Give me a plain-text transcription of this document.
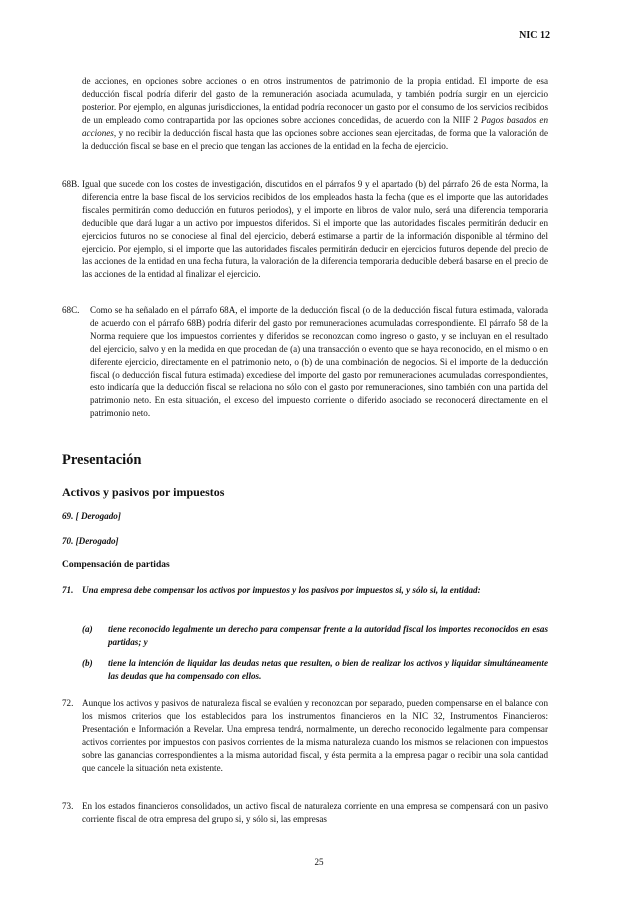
NIC 12

de acciones, en opciones sobre acciones o en otros instrumentos de patrimonio de la propia entidad. El importe de esa deducción fiscal podría diferir del gasto de la remuneración asociada acumulada, y también podría surgir en un ejercicio posterior. Por ejemplo, en algunas jurisdicciones, la entidad podría reconocer un gasto por el consumo de los servicios recibidos de un empleado como contrapartida por las opciones sobre acciones concedidas, de acuerdo con la NIIF 2 Pagos basados en acciones, y no recibir la deducción fiscal hasta que las opciones sobre acciones sean ejercitadas, de forma que la valoración de la deducción fiscal se base en el precio que tengan las acciones de la entidad en la fecha de ejercicio.

68B. Igual que sucede con los costes de investigación, discutidos en el párrafos 9 y el apartado (b) del párrafo 26 de esta Norma, la diferencia entre la base fiscal de los servicios recibidos de los empleados hasta la fecha (que es el importe que las autoridades fiscales permitirán como deducción en futuros periodos), y el importe en libros de valor nulo, será una diferencia temporaria deducible que dará lugar a un activo por impuestos diferidos. Si el importe que las autoridades fiscales permitirán deducir en ejercicios futuros no se conociese al final del ejercicio, deberá estimarse a partir de la información disponible al término del ejercicio. Por ejemplo, si el importe que las autoridades fiscales permitirán deducir en ejercicios futuros depende del precio de las acciones de la entidad en una fecha futura, la valoración de la diferencia temporaria deducible deberá basarse en el precio de las acciones de la entidad al finalizar el ejercicio.

68C. Como se ha señalado en el párrafo 68A, el importe de la deducción fiscal (o de la deducción fiscal futura estimada, valorada de acuerdo con el párrafo 68B) podría diferir del gasto por remuneraciones acumuladas correspondiente. El párrafo 58 de la Norma requiere que los impuestos corrientes y diferidos se reconozcan como ingreso o gasto, y se incluyan en el resultado del ejercicio, salvo y en la medida en que procedan de (a) una transacción o evento que se haya reconocido, en el mismo o en diferente ejercicio, directamente en el patrimonio neto, o (b) de una combinación de negocios. Si el importe de la deducción fiscal (o deducción fiscal futura estimada) excediese del importe del gasto por remuneraciones acumuladas correspondientes, esto indicaría que la deducción fiscal se relaciona no sólo con el gasto por remuneraciones, sino también con una partida del patrimonio neto. En esta situación, el exceso del impuesto corriente o diferido asociado se reconocerá directamente en el patrimonio neto.

Presentación
Activos y pasivos por impuestos
69. [ Derogado]
70. [Derogado]
Compensación de partidas
71. Una empresa debe compensar los activos por impuestos y los pasivos por impuestos si, y sólo si, la entidad:

(a) tiene reconocido legalmente un derecho para compensar frente a la autoridad fiscal los importes reconocidos en esas partidas; y

(b) tiene la intención de liquidar las deudas netas que resulten, o bien de realizar los activos y liquidar simultáneamente las deudas que ha compensado con ellos.

72. Aunque los activos y pasivos de naturaleza fiscal se evalúen y reconozcan por separado, pueden compensarse en el balance con los mismos criterios que los establecidos para los instrumentos financieros en la NIC 32, Instrumentos Financieros: Presentación e Información a Revelar. Una empresa tendrá, normalmente, un derecho reconocido legalmente para compensar activos corrientes por impuestos con pasivos corrientes de la misma naturaleza cuando los mismos se relacionen con impuestos sobre las ganancias correspondientes a la misma autoridad fiscal, y ésta permita a la empresa pagar o recibir una sola cantidad que cancele la situación neta existente.

73. En los estados financieros consolidados, un activo fiscal de naturaleza corriente en una empresa se compensará con un pasivo corriente fiscal de otra empresa del grupo si, y sólo si, las empresas

25
